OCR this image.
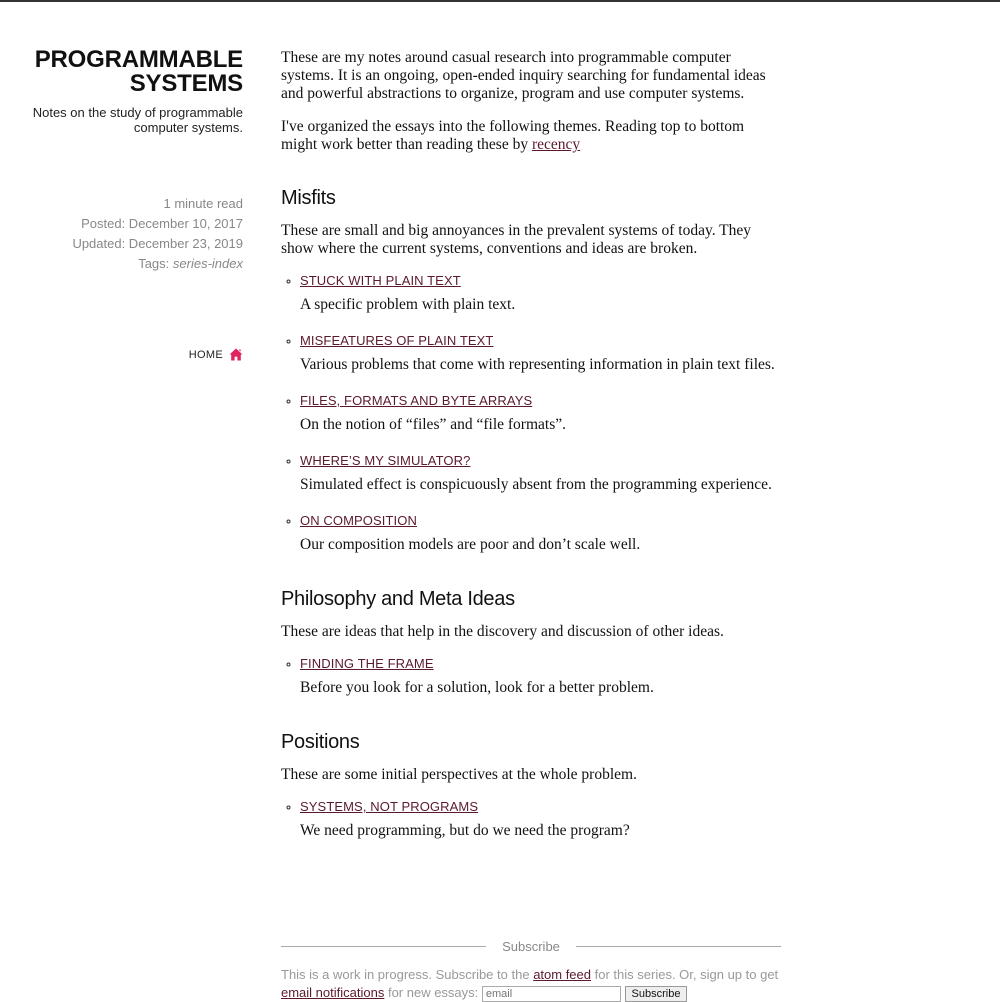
PROGRAMMABLE
SYSTEMS

Notes on the study of programmable
computer systems.

1 minute read
Posted: December 10, 2017
Updated: December 23, 2019
Tags: series-index
HOME

These are my notes around casual research into programmable computer systems. It is an ongoing, open-ended inquiry searching for fundamental ideas and powerful abstractions to organize, program and use computer systems.

I've organized the essays into the following themes. Reading top to bottom might work better than reading these by recency

Misfits

These are small and big annoyances in the prevalent systems of today. They show where the current systems, conventions and ideas are broken.

◦ STUCK WITH PLAIN TEXT

A specific problem with plain text.

◦ MISFEATURES OF PLAIN TEXT

Various problems that come with representing information in plain text files.

◦ FILES, FORMATS AND BYTE ARRAYS

On the notion of “files” and “file formats”.

◦ WHERE’S MY SIMULATOR?

Simulated effect is conspicuously absent from the programming experience.

◦ ON COMPOSITION

Our composition models are poor and don’t scale well.

Philosophy and Meta Ideas

These are ideas that help in the discovery and discussion of other ideas.

◦ FINDING THE FRAME

Before you look for a solution, look for a better problem.

Positions

These are some initial perspectives at the whole problem.

◦ SYSTEMS, NOT PROGRAMS

We need programming, but do we need the program?

Subscribe
This is a work in progress. Subscribe to the atom feed for this series. Or, sign up to get email notifications for new essays: email	Subscribe
